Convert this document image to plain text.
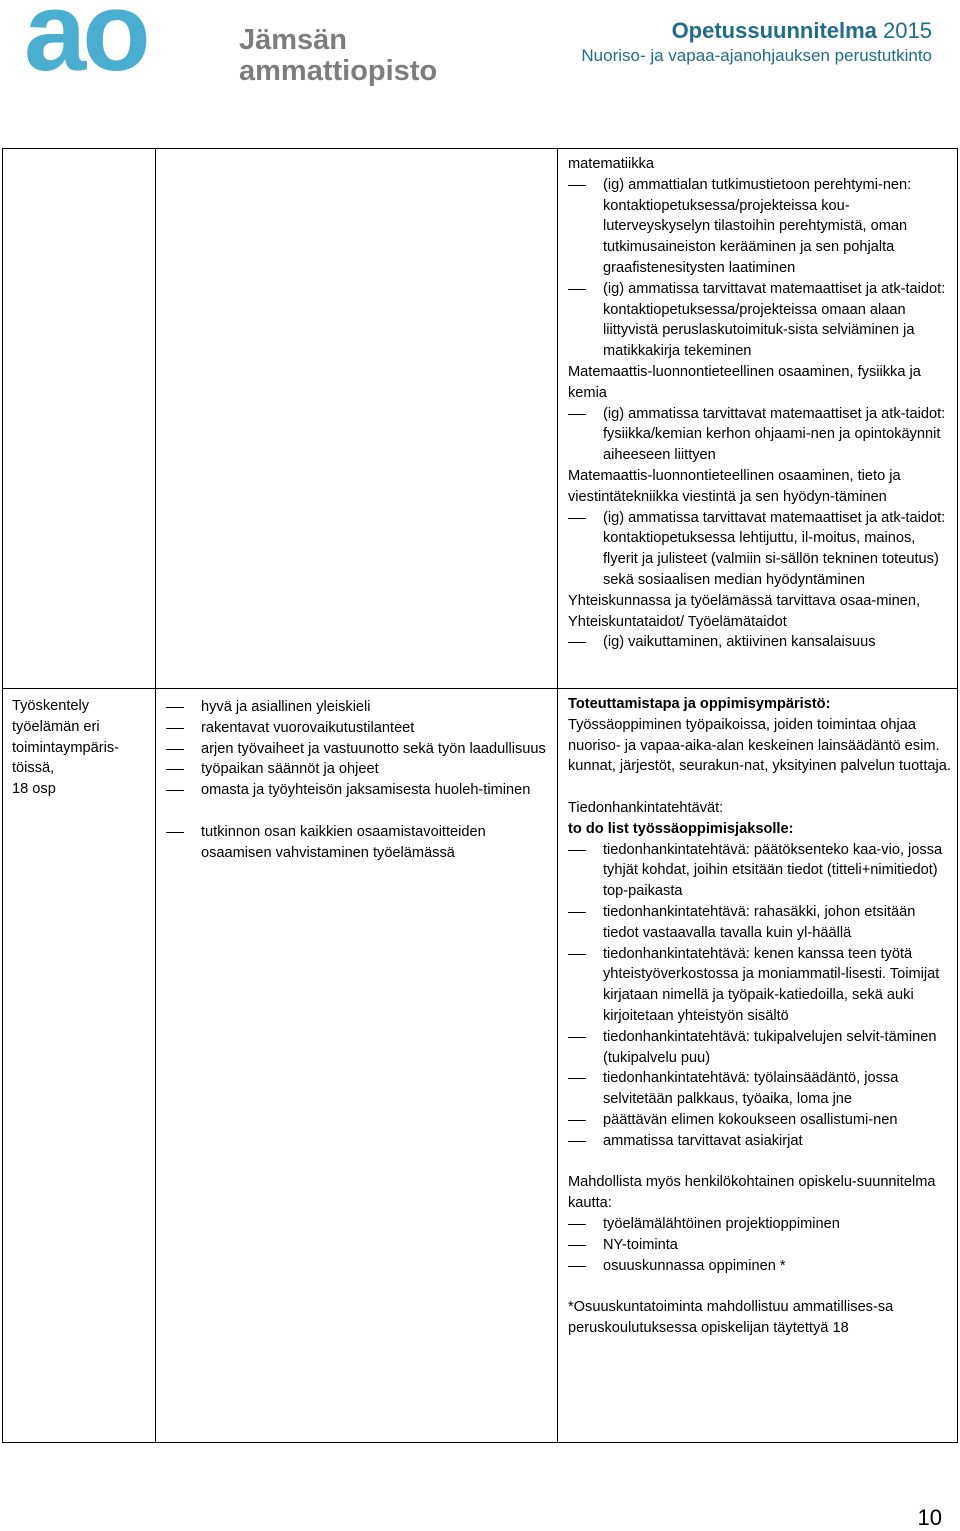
ao	Jämsän
ammattiopisto
Opetussuunnitelma 2015
Nuoriso- ja vapaa-ajanohjauksen perustutkinto
matematiikka
(ig) ammattialan tutkimustietoon perehtymi-nen: kontaktiopetuksessa/projekteissa kou-luterveyskyselyn tilastoihin perehtymistä, oman tutkimusaineiston kerääminen ja sen pohjalta graafistenesitysten laatiminen
(ig) ammatissa tarvittavat matemaattiset ja atk-taidot: kontaktiopetuksessa/projekteissa omaan alaan liittyvistä peruslaskutoimituk-sista selviäminen ja matikkakirja tekeminen
Matemaattis-luonnontieteellinen osaaminen, fysiikka ja kemia
(ig) ammatissa tarvittavat matemaattiset ja atk-taidot: fysiikka/kemian kerhon ohjaami-nen ja opintokäynnit aiheeseen liittyen
Matemaattis-luonnontieteellinen osaaminen, tieto ja viestintätekniikka viestintä ja sen hyödyn-täminen
(ig) ammatissa tarvittavat matemaattiset ja atk-taidot: kontaktiopetuksessa lehtijuttu, il-moitus, mainos, flyerit ja julisteet (valmiin si-sällön tekninen toteutus) sekä sosiaalisen median hyödyntäminen
Yhteiskunnassa ja työelämässä tarvittava osaa-minen, Yhteiskuntataidot/ Työelämätaidot
(ig) vaikuttaminen, aktiivinen kansalaisuus
Työskentely
työelämän eri
toimintaympäris-
töissä,
18 osp
hyvä ja asiallinen yleiskieli
rakentavat vuorovaikutustilanteet
arjen työvaiheet ja vastuunotto sekä työn laadullisuus
työpaikan säännöt ja ohjeet
omasta ja työyhteisön jaksamisesta huoleh-timinen
tutkinnon osan kaikkien osaamistavoitteiden osaamisen vahvistaminen työelämässä
Toteuttamistapa ja oppimisympäristö:
Työssäoppiminen työpaikoissa, joiden toimintaa ohjaa nuoriso- ja vapaa-aika-alan keskeinen lainsäädäntö esim. kunnat, järjestöt, seurakun-nat, yksityinen palvelun tuottaja.
Tiedonhankintatehtävät:
to do list työssäoppimisjaksolle:
tiedonhankintatehtävä: päätöksenteko kaa-vio, jossa tyhjät kohdat, joihin etsitään tiedot (titteli+nimitiedot) top-paikasta
tiedonhankintatehtävä: rahasäkki, johon etsitään tiedot vastaavalla tavalla kuin yl-häällä
tiedonhankintatehtävä: kenen kanssa teen työtä yhteistyöverkostossa ja moniammatil-lisesti. Toimijat kirjataan nimellä ja työpaik-katiedoilla, sekä auki kirjoitetaan yhteistyön sisältö
tiedonhankintatehtävä: tukipalvelujen selvit-täminen (tukipalvelu puu)
tiedonhankintatehtävä: työlainsäädäntö, jossa selvitetään palkkaus, työaika, loma jne
päättävän elimen kokoukseen osallistumi-nen
ammatissa tarvittavat asiakirjat
Mahdollista myös henkilökohtainen opiskelu-suunnitelma kautta:
työelämälähtöinen projektioppiminen
NY-toiminta
osuuskunnassa oppiminen *
*Osuuskuntatoiminta mahdollistuu ammatillises-sa peruskoulutuksessa opiskelijan täytettyä 18
10
